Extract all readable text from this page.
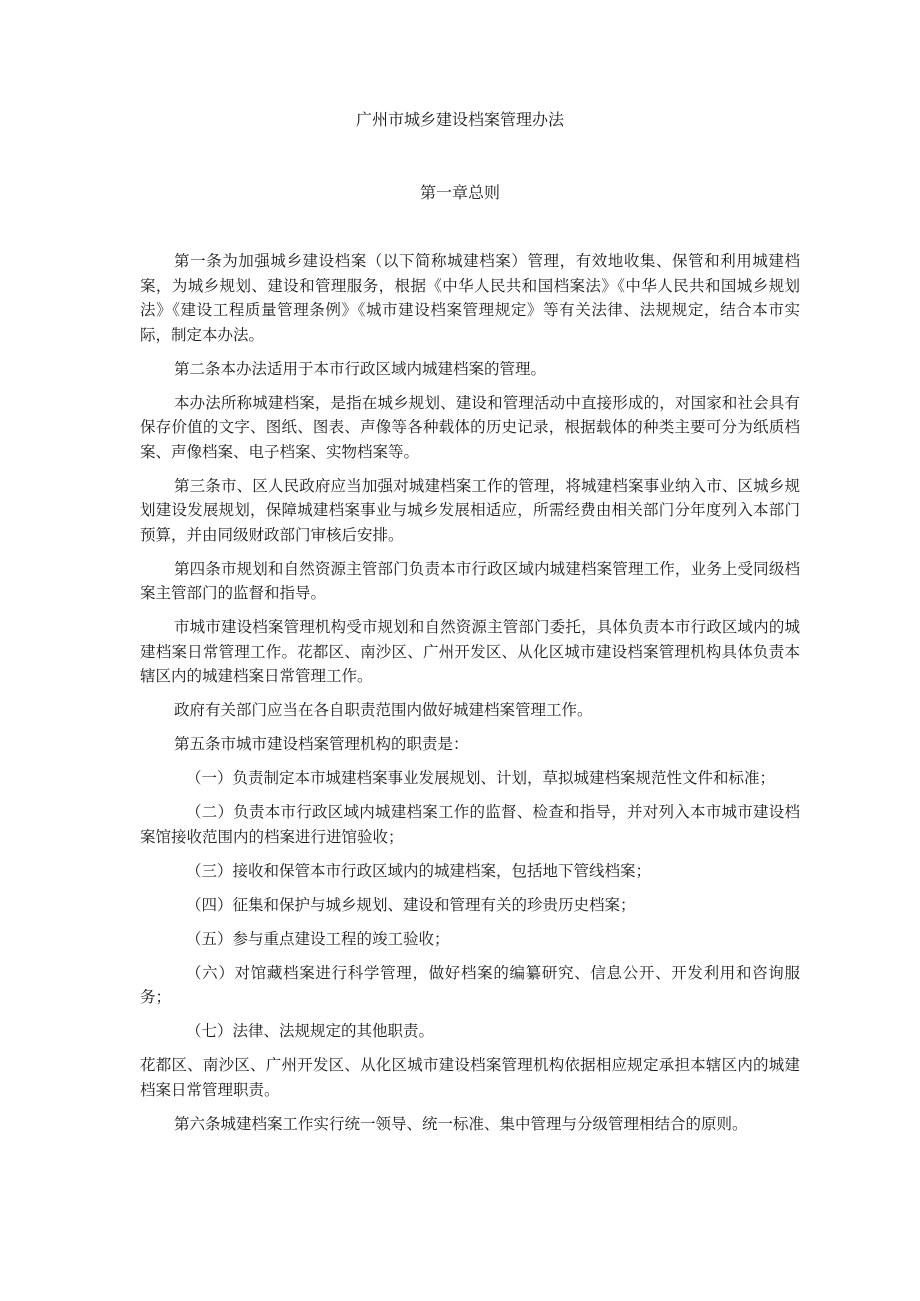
广州市城乡建设档案管理办法
第一章总则

第一条为加强城乡建设档案（以下简称城建档案）管理，有效地收集、保管和利用城建档案，为城乡规划、建设和管理服务，根据《中华人民共和国档案法》《中华人民共和国城乡规划法》《建设工程质量管理条例》《城市建设档案管理规定》等有关法律、法规规定，结合本市实际，制定本办法。

第二条本办法适用于本市行政区域内城建档案的管理。

本办法所称城建档案，是指在城乡规划、建设和管理活动中直接形成的，对国家和社会具有保存价值的文字、图纸、图表、声像等各种载体的历史记录，根据载体的种类主要可分为纸质档案、声像档案、电子档案、实物档案等。

第三条市、区人民政府应当加强对城建档案工作的管理，将城建档案事业纳入市、区城乡规划建设发展规划，保障城建档案事业与城乡发展相适应，所需经费由相关部门分年度列入本部门预算，并由同级财政部门审核后安排。

第四条市规划和自然资源主管部门负责本市行政区域内城建档案管理工作，业务上受同级档案主管部门的监督和指导。

市城市建设档案管理机构受市规划和自然资源主管部门委托，具体负责本市行政区域内的城建档案日常管理工作。花都区、南沙区、广州开发区、从化区城市建设档案管理机构具体负责本辖区内的城建档案日常管理工作。

政府有关部门应当在各自职责范围内做好城建档案管理工作。

第五条市城市建设档案管理机构的职责是：

（一）负责制定本市城建档案事业发展规划、计划，草拟城建档案规范性文件和标准；

（二）负责本市行政区域内城建档案工作的监督、检查和指导，并对列入本市城市建设档案馆接收范围内的档案进行进馆验收；

（三）接收和保管本市行政区域内的城建档案，包括地下管线档案；

（四）征集和保护与城乡规划、建设和管理有关的珍贵历史档案；

（五）参与重点建设工程的竣工验收；

（六）对馆藏档案进行科学管理，做好档案的编纂研究、信息公开、开发利用和咨询服务；

（七）法律、法规规定的其他职责。

花都区、南沙区、广州开发区、从化区城市建设档案管理机构依据相应规定承担本辖区内的城建档案日常管理职责。

第六条城建档案工作实行统一领导、统一标准、集中管理与分级管理相结合的原则。
